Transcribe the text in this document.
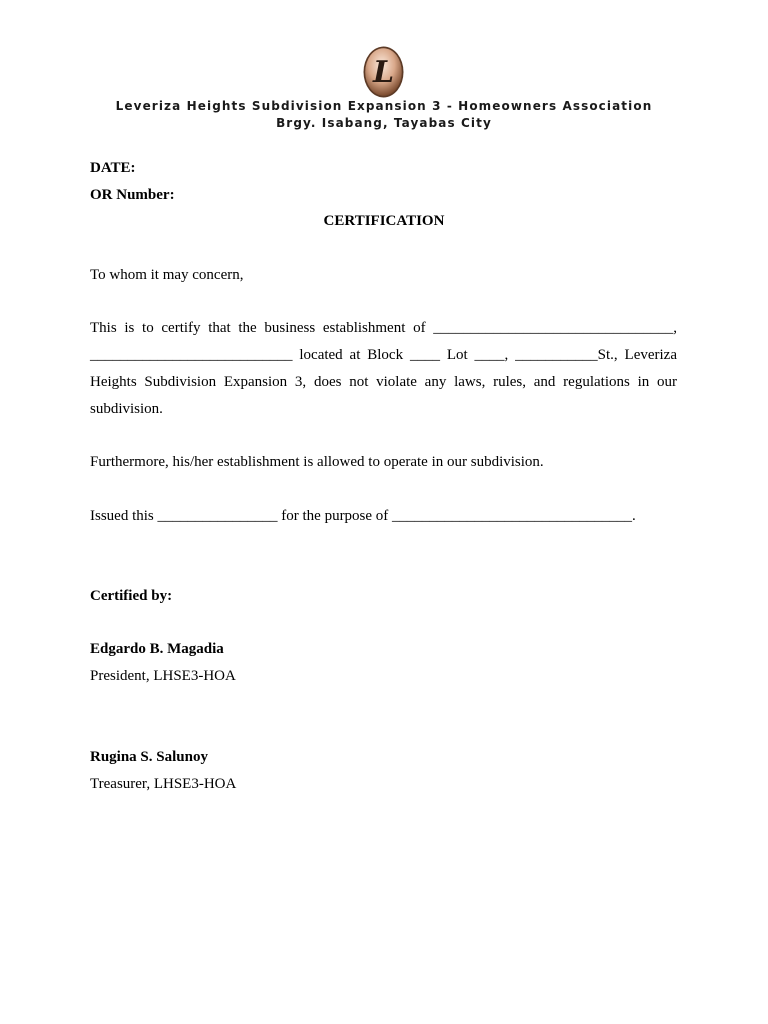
L
Leveriza Heights Subdivision Expansion 3 - Homeowners Association
Brgy. Isabang, Tayabas City
DATE:
OR Number:
CERTIFICATION
To whom it may concern,
This is to certify that the business establishment of ________________________________, ___________________________ located at Block ____ Lot ____, ___________St., Leveriza Heights Subdivision Expansion 3, does not violate any laws, rules, and regulations in our subdivision.
Furthermore, his/her establishment is allowed to operate in our subdivision.
Issued this ________________ for the purpose of ________________________________.
Certified by:
Edgardo B. Magadia
President, LHSE3-HOA
Rugina S. Salunoy
Treasurer, LHSE3-HOA
